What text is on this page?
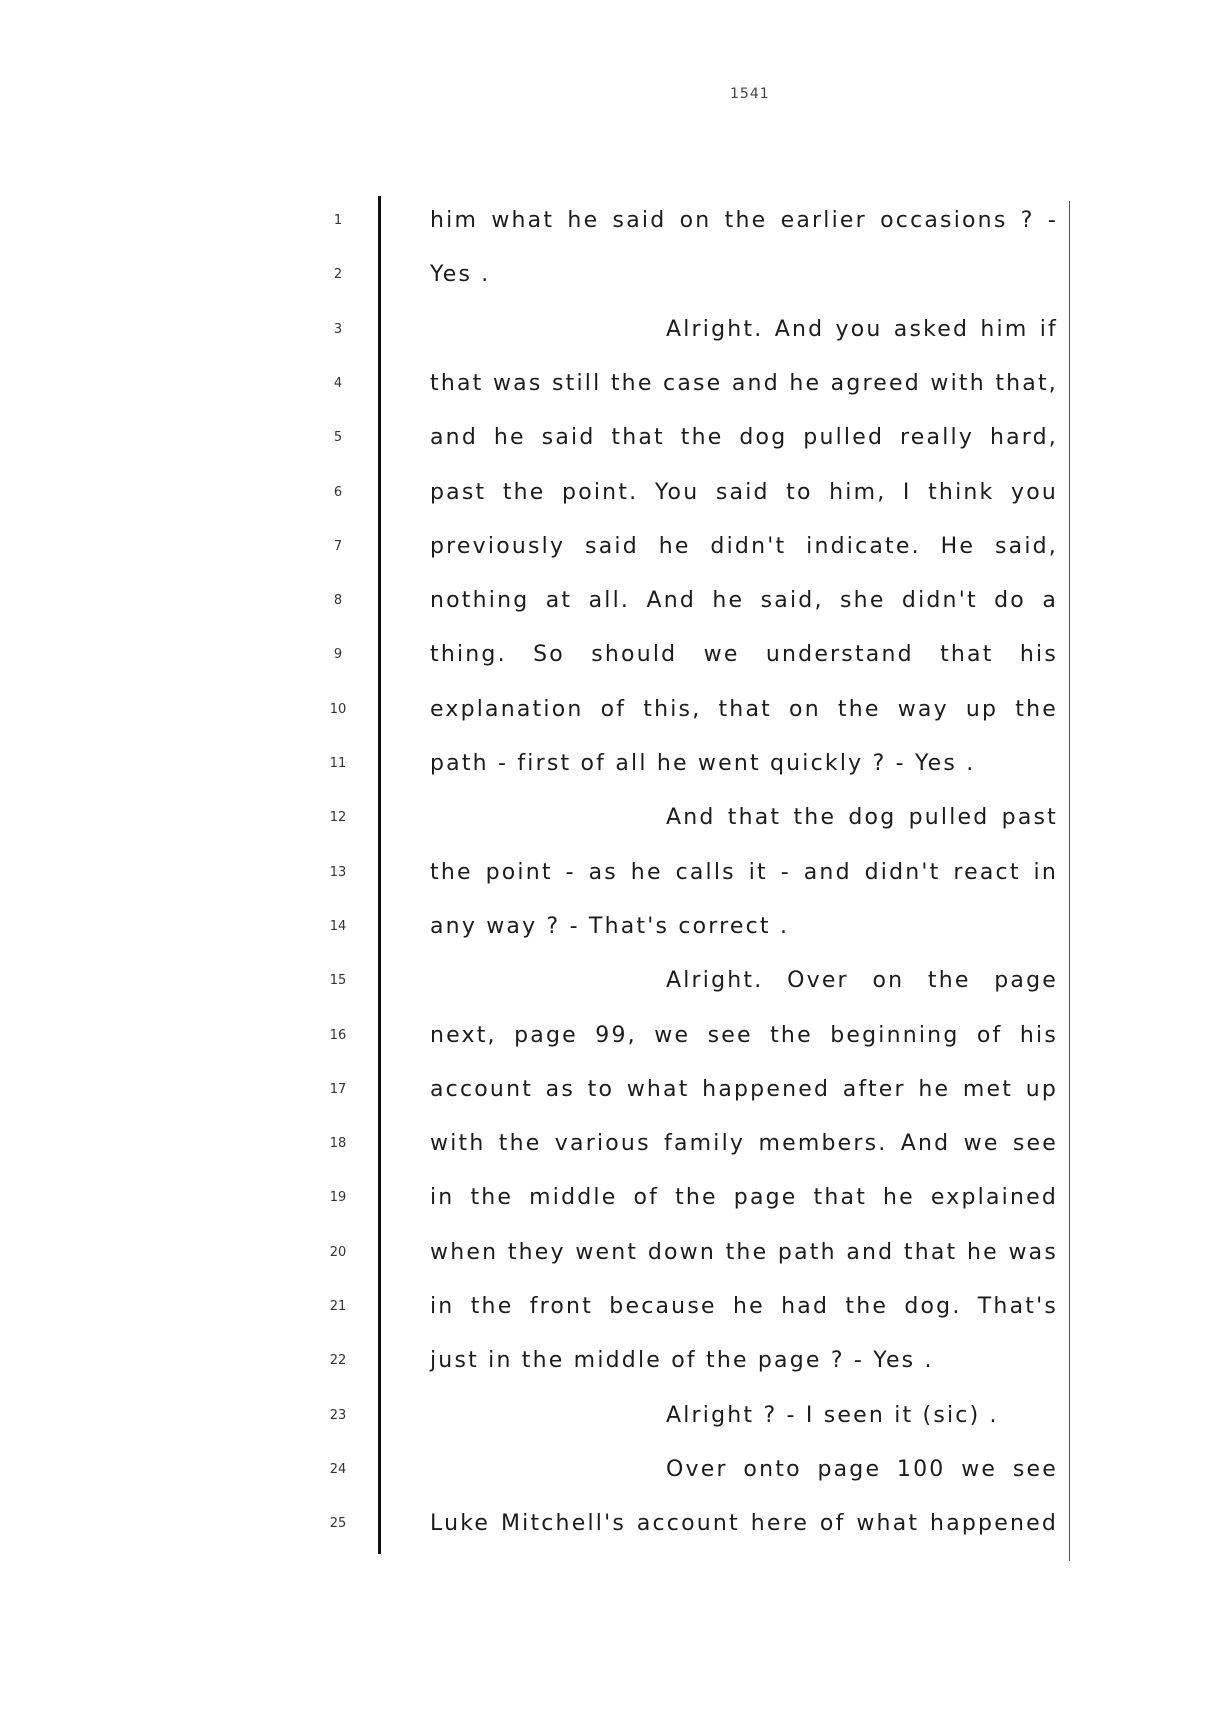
1541
1
2
3
4
5
6
7
8
9
10
11
12
13
14
15
16
17
18
19
20
21
22
23
24
25
him what he said on the earlier occasions ? -
Yes .
Alright. And you asked him if
that was still the case and he agreed with that,
and he said that the dog pulled really hard,
past the point. You said to him, I think you
previously said he didn't indicate. He said,
nothing at all. And he said, she didn't do a
thing. So should we understand that his
explanation of this, that on the way up the
path - first of all he went quickly ? - Yes .
And that the dog pulled past
the point - as he calls it - and didn't react in
any way ? - That's correct .
Alright. Over on the page
next, page 99, we see the beginning of his
account as to what happened after he met up
with the various family members. And we see
in the middle of the page that he explained
when they went down the path and that he was
in the front because he had the dog. That's
just in the middle of the page ? - Yes .
Alright ? - I seen it (sic) .
Over onto page 100 we see
Luke Mitchell's account here of what happened
